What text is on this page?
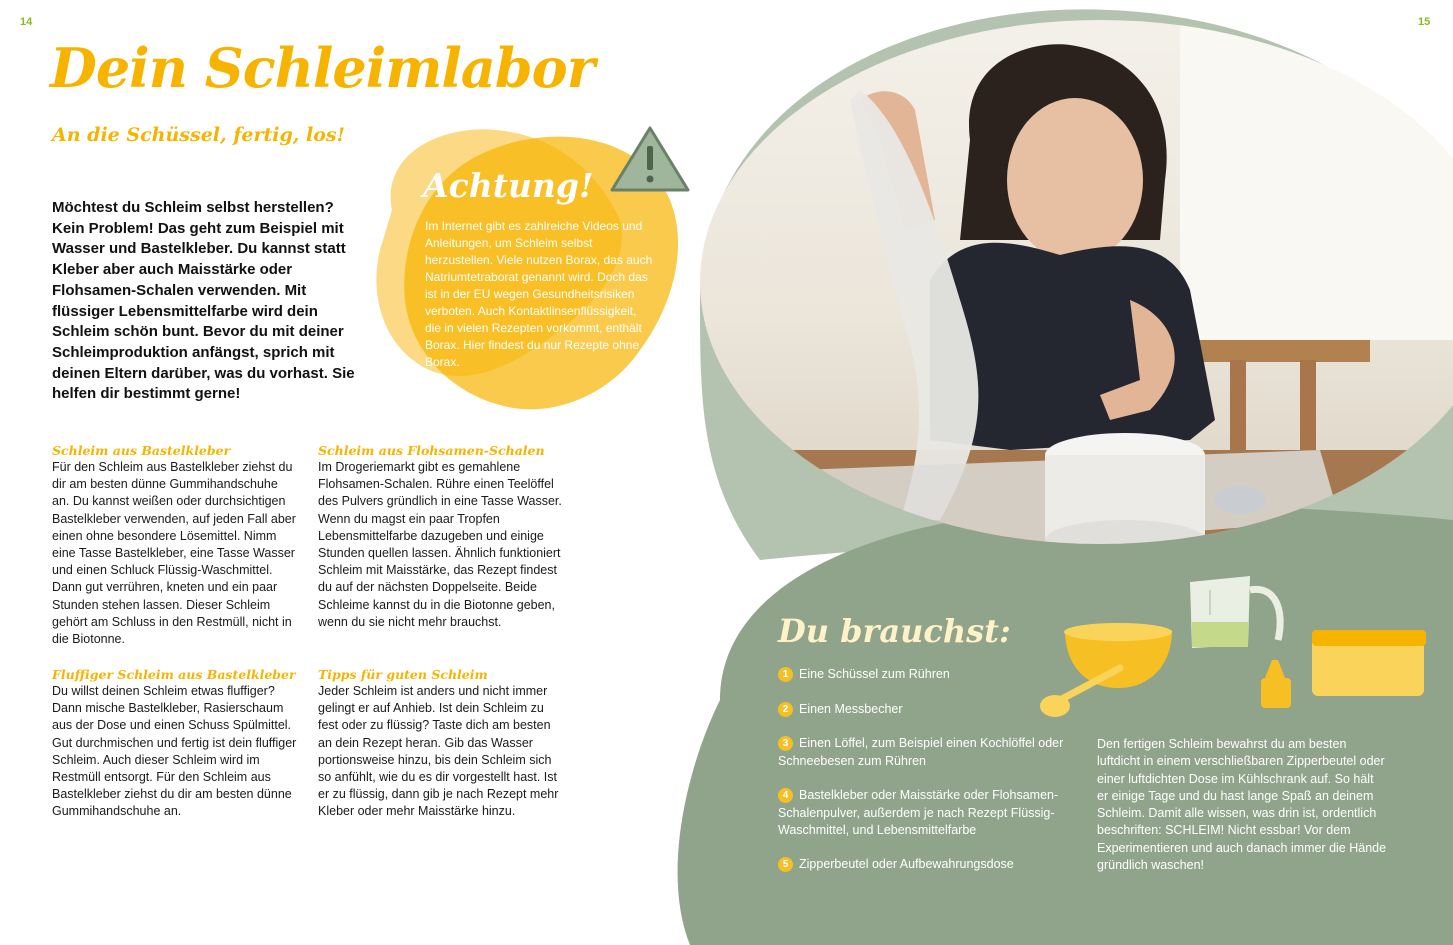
14	15
Dein Schleimlabor
An die Schüssel, fertig, los!
Möchtest du Schleim selbst herstellen? Kein Problem! Das geht zum Beispiel mit Wasser und Bastelkleber. Du kannst statt Kleber aber auch Maisstärke oder Flohsamen-Schalen verwenden. Mit flüssiger Lebensmittelfarbe wird dein Schleim schön bunt. Bevor du mit deiner Schleimproduktion anfängst, sprich mit deinen Eltern darüber, was du vorhast. Sie helfen dir bestimmt gerne!
Achtung!
Im Internet gibt es zahlreiche Videos und Anleitungen, um Schleim selbst herzustellen. Viele nutzen Borax, das auch Natriumtetraborat genannt wird. Doch das ist in der EU wegen Gesundheitsrisiken verboten. Auch Kontaktlinsenflüssigkeit, die in vielen Rezepten vorkommt, enthält Borax. Hier findest du nur Rezepte ohne Borax.

Schleim aus Bastelkleber

Für den Schleim aus Bastelkleber ziehst du dir am besten dünne Gummihandschuhe an. Du kannst weißen oder durchsichtigen Bastelkleber verwenden, auf jeden Fall aber einen ohne besondere Lösemittel. Nimm eine Tasse Bastelkleber, eine Tasse Wasser und einen Schluck Flüssig-Waschmittel. Dann gut verrühren, kneten und ein paar Stunden stehen lassen. Dieser Schleim gehört am Schluss in den Restmüll, nicht in die Biotonne.

Fluffiger Schleim aus Bastelkleber

Du willst deinen Schleim etwas fluffiger? Dann mische Bastelkleber, Rasierschaum aus der Dose und einen Schuss Spülmittel. Gut durchmischen und fertig ist dein fluffiger Schleim. Auch dieser Schleim wird im Restmüll entsorgt. Für den Schleim aus Bastelkleber ziehst du dir am besten dünne Gummihandschuhe an.

Schleim aus Flohsamen-Schalen

Im Drogeriemarkt gibt es gemahlene Flohsamen-Schalen. Rühre einen Teelöffel des Pulvers gründlich in eine Tasse Wasser. Wenn du magst ein paar Tropfen Lebensmittelfarbe dazugeben und einige Stunden quellen lassen. Ähnlich funktioniert Schleim mit Maisstärke, das Rezept findest du auf der nächsten Doppelseite. Beide Schleime kannst du in die Biotonne geben, wenn du sie nicht mehr brauchst.

Tipps für guten Schleim

Jeder Schleim ist anders und nicht immer gelingt er auf Anhieb. Ist dein Schleim zu fest oder zu flüssig? Taste dich am besten an dein Rezept heran. Gib das Wasser portionsweise hinzu, bis dein Schleim sich so anfühlt, wie du es dir vorgestellt hast. Ist er zu flüssig, dann gib je nach Rezept mehr Kleber oder mehr Maisstärke hinzu.

Du brauchst:
1 Eine Schüssel zum Rühren
2 Einen Messbecher
3 Einen Löffel, zum Beispiel einen Kochlöffel oder Schneebesen zum Rühren
4 Bastelkleber oder Maisstärke oder Flohsamen-Schalenpulver, außerdem je nach Rezept Flüssig-Waschmittel, und Lebensmittelfarbe
5 Zipperbeutel oder Aufbewahrungsdose
Den fertigen Schleim bewahrst du am besten luftdicht in einem verschließbaren Zipperbeutel oder einer luftdichten Dose im Kühlschrank auf. So hält er einige Tage und du hast lange Spaß an deinem Schleim. Damit alle wissen, was drin ist, ordentlich beschriften: SCHLEIM! Nicht essbar! Vor dem Experimentieren und auch danach immer die Hände gründlich waschen!
